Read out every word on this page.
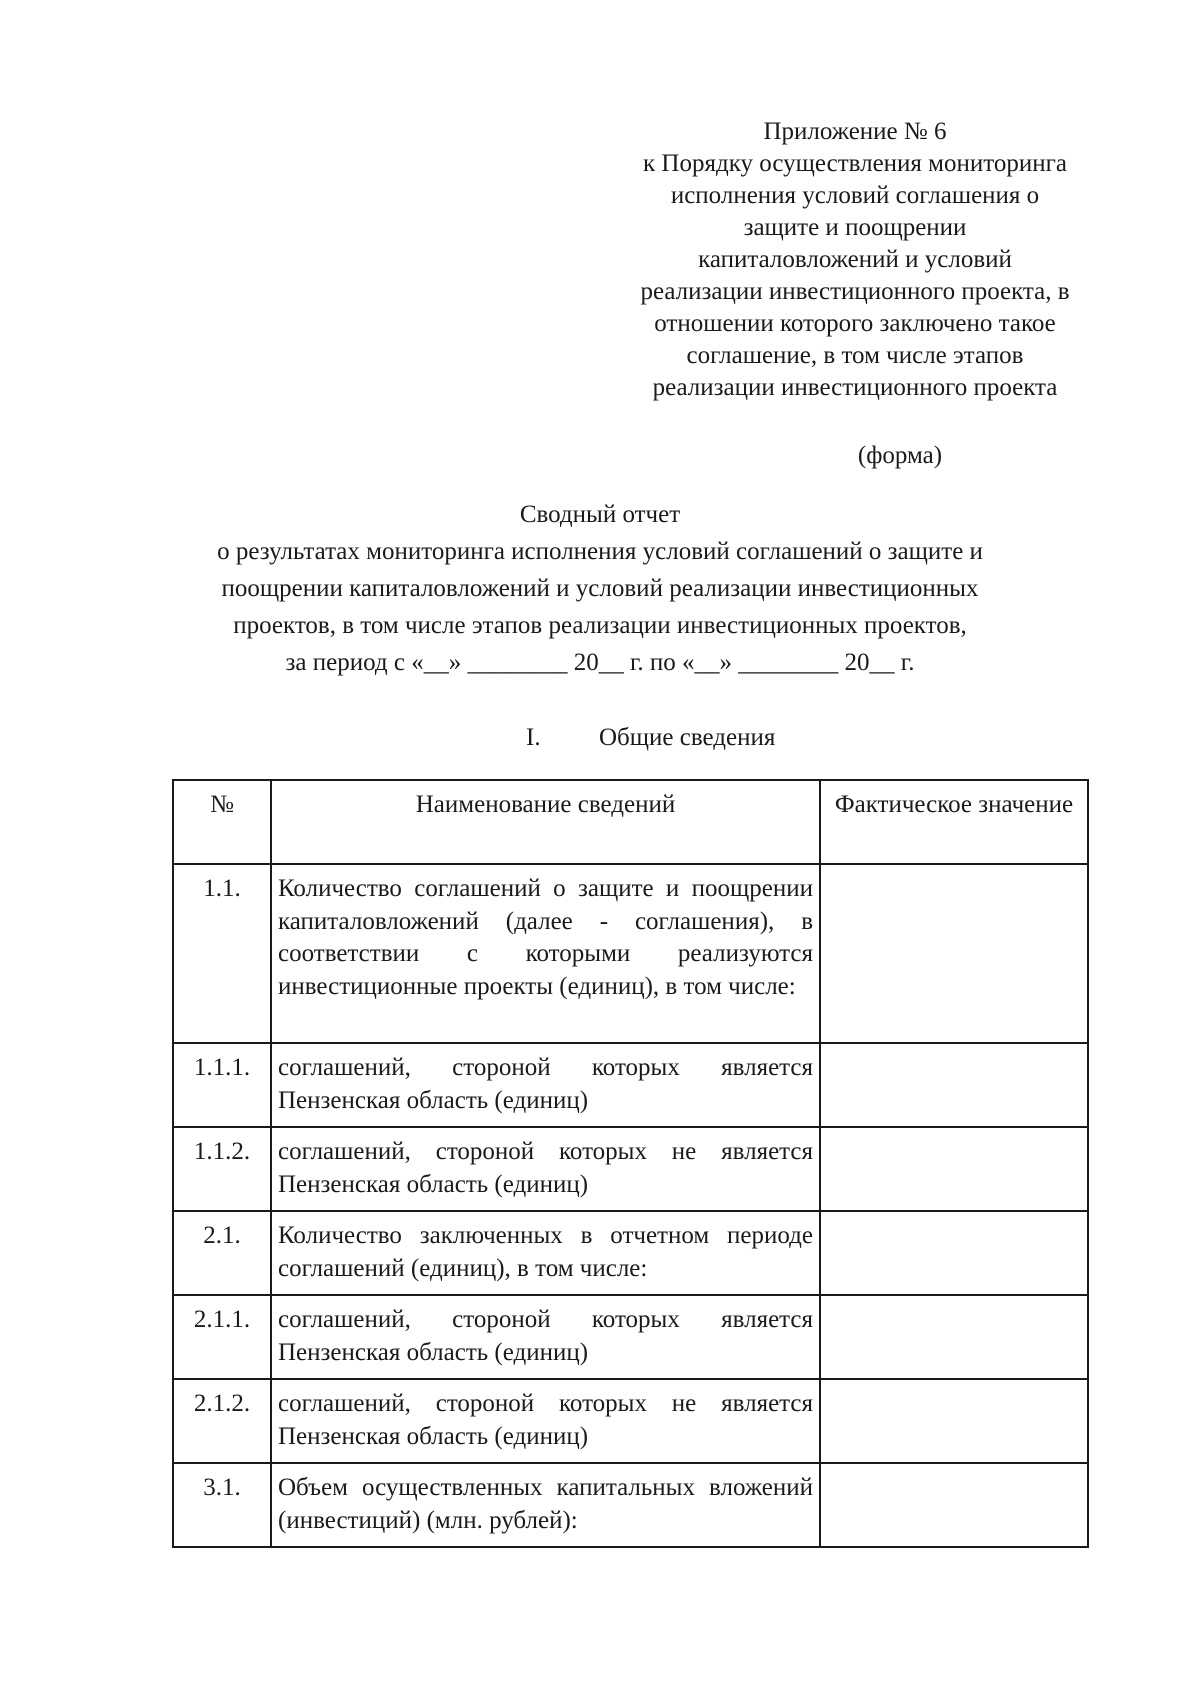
Приложение № 6
к Порядку осуществления мониторинга
исполнения условий соглашения о
защите и поощрении
капиталовложений и условий
реализации инвестиционного проекта, в
отношении которого заключено такое
соглашение, в том числе этапов
реализации инвестиционного проекта
(форма)
Сводный отчет
о результатах мониторинга исполнения условий соглашений о защите и
поощрении капиталовложений и условий реализации инвестиционных
проектов, в том числе этапов реализации инвестиционных проектов,
за период с «__» ________ 20__ г. по «__» ________ 20__ г.
I. Общие сведения
№	Наименование сведений	Фактическое значение
1.1.	Количество соглашений о защите и поощрении капиталовложений (далее - соглашения), в соответствии с которыми реализуются инвестиционные проекты (единиц), в том числе:	
1.1.1.	соглашений, стороной которых является Пензенская область (единиц)	
1.1.2.	соглашений, стороной которых не является Пензенская область (единиц)	
2.1.	Количество заключенных в отчетном периоде соглашений (единиц), в том числе:	
2.1.1.	соглашений, стороной которых является Пензенская область (единиц)	
2.1.2.	соглашений, стороной которых не является Пензенская область (единиц)	
3.1.	Объем осуществленных капитальных вложений (инвестиций) (млн. рублей):	
